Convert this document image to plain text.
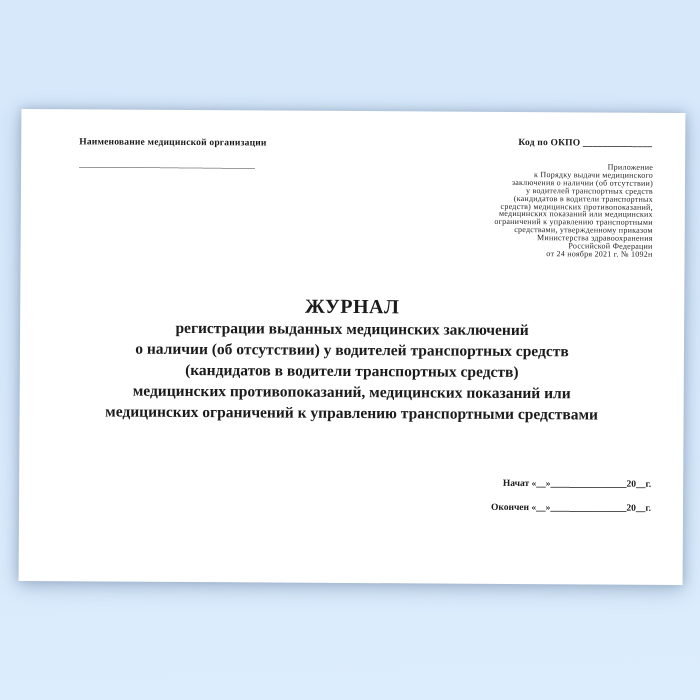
Наименование медицинской организации
_____________________________________
Код по ОКПО ______________
Приложение
к Порядку выдачи медицинского
заключения о наличии (об отсутствии)
у водителей транспортных средств
(кандидатов в водители транспортных
средств) медицинских противопоказаний,
медицинских показаний или медицинских
ограничений к управлению транспортными
средствами, утвержденному приказом
Министерства здравоохранения
Российской Федерации
от 24 ноября 2021 г. № 1092н
ЖУРНАЛ
регистрации выданных медицинских заключений
о наличии (об отсутствии) у водителей транспортных средств
(кандидатов в водители транспортных средств)
медицинских противопоказаний, медицинских показаний или
медицинских ограничений к управлению транспортными средствами
Начат «__»________________20__г.
Окончен «__»________________20__г.
